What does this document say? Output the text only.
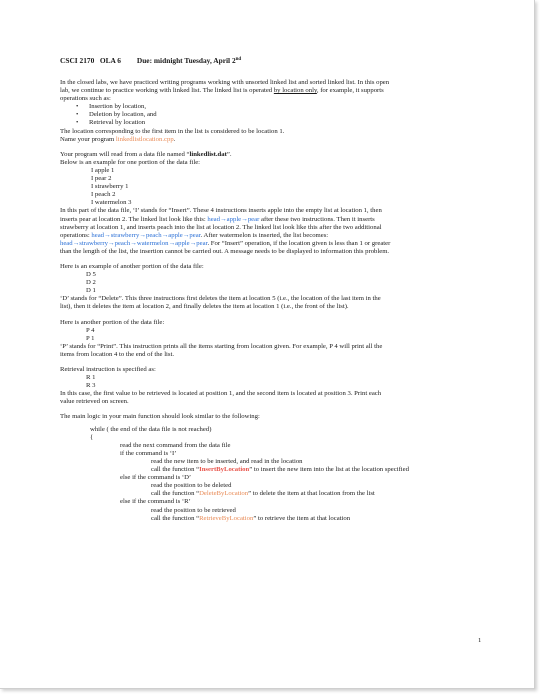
CSCI 2170 OLA 6 Due: midnight Tuesday, April 2nd

In the closed labs, we have practiced writing programs working with unsorted linked list and sorted linked list. In this open

lab, we continue to practice working with linked list. The linked list is operated by location only, for example, it supports

operations such as:

• Insertion by location,
• Deletion by location, and
• Retrieval by location

The location corresponding to the first item in the list is considered to be location 1.

Name your program linkedlistlocation.cpp.

Your program will read from a data file named “linkedlist.dat”.

Below is an example for one portion of the data file:

I apple 1

I pear 2

I strawberry 1

I peach 2

I watermelon 3

In this part of the data file, ‘I’ stands for “Insert”. These 4 instructions inserts apple into the empty list at location 1, then

inserts pear at location 2. The linked list look like this: head→apple→pear after these two instructions. Then it inserts

strawberry at location 1, and inserts peach into the list at location 2. The linked list look like this after the two additional

operations: head→strawberry→peach→apple→pear. After watermelon is inserted, the list becomes:

head→strawberry→peach→watermelon→apple→pear. For “Insert” operation, if the location given is less than 1 or greater

than the length of the list, the insertion cannot be carried out. A message needs to be displayed to information this problem.

Here is an example of another portion of the data file:

D 5

D 2

D 1

‘D’ stands for “Delete”. This three instructions first deletes the item at location 5 (i.e., the location of the last item in the

list), then it deletes the item at location 2, and finally deletes the item at location 1 (i.e., the front of the list).

Here is another portion of the data file:

P 4

P 1

‘P’ stands for “Print”. This instruction prints all the items starting from location given. For example, P 4 will print all the

items from location 4 to the end of the list.

Retrieval instruction is specified as:

R 1

R 3

In this case, the first value to be retrieved is located at position 1, and the second item is located at position 3. Print each

value retrieved on screen.

The main logic in your main function should look similar to the following:

while ( the end of the data file is not reached)

{

read the next command from the data file

if the command is ‘I’

read the new item to be inserted, and read in the location

call the function “InsertByLocation” to insert the new item into the list at the location specified

else if the command is ‘D’

read the position to be deleted

call the function “DeleteByLocation” to delete the item at that location from the list

else if the command is ‘R’

read the position to be retrieved

call the function “RetrieveByLocation” to retrieve the item at that location

1
